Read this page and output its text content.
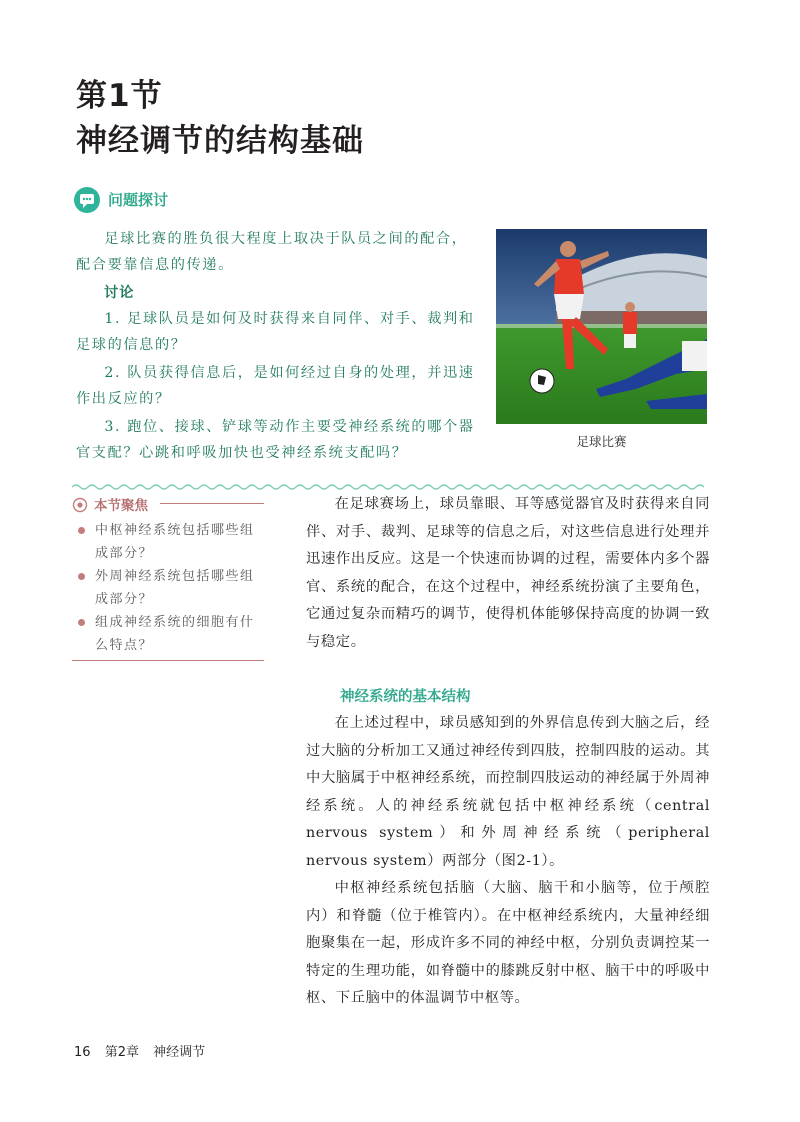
第1节
神经调节的结构基础
问题探讨
足球比赛的胜负很大程度上取决于队员之间的配合，配合要靠信息的传递。
讨论
1. 足球队员是如何及时获得来自同伴、对手、裁判和足球的信息的？
2. 队员获得信息后，是如何经过自身的处理，并迅速作出反应的？
3. 跑位、接球、铲球等动作主要受神经系统的哪个器官支配？心跳和呼吸加快也受神经系统支配吗？
足球比赛
本节聚焦
中枢神经系统包括哪些组成部分？
外周神经系统包括哪些组成部分？
组成神经系统的细胞有什么特点？

在足球赛场上，球员靠眼、耳等感觉器官及时获得来自同伴、对手、裁判、足球等的信息之后，对这些信息进行处理并迅速作出反应。这是一个快速而协调的过程，需要体内多个器官、系统的配合，在这个过程中，神经系统扮演了主要角色，它通过复杂而精巧的调节，使得机体能够保持高度的协调一致与稳定。

神经系统的基本结构

在上述过程中，球员感知到的外界信息传到大脑之后，经过大脑的分析加工又通过神经传到四肢，控制四肢的运动。其中大脑属于中枢神经系统，而控制四肢运动的神经属于外周神经系统。人的神经系统就包括中枢神经系统（central nervous system）和外周神经系统（peripheral nervous system）两部分（图2-1）。

中枢神经系统包括脑（大脑、脑干和小脑等，位于颅腔内）和脊髓（位于椎管内）。在中枢神经系统内，大量神经细胞聚集在一起，形成许多不同的神经中枢，分别负责调控某一特定的生理功能，如脊髓中的膝跳反射中枢、脑干中的呼吸中枢、下丘脑中的体温调节中枢等。

16 第2章 神经调节
